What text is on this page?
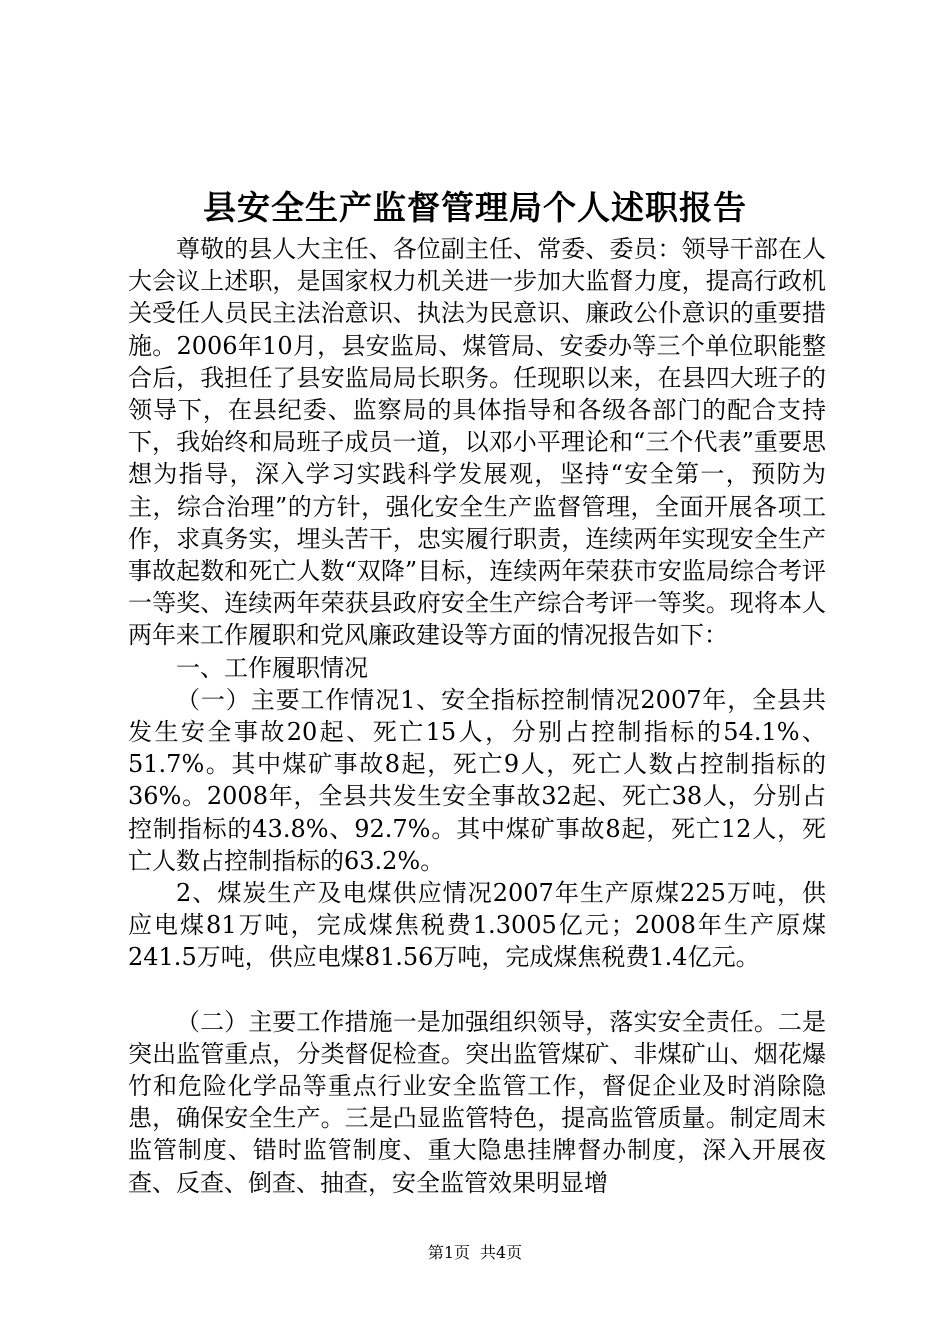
县安全生产监督管理局个人述职报告

尊敬的县人大主任、各位副主任、常委、委员：领导干部在人大会议上述职，是国家权力机关进一步加大监督力度，提高行政机关受任人员民主法治意识、执法为民意识、廉政公仆意识的重要措施。2006年10月，县安监局、煤管局、安委办等三个单位职能整合后，我担任了县安监局局长职务。任现职以来，在县四大班子的领导下，在县纪委、监察局的具体指导和各级各部门的配合支持下，我始终和局班子成员一道，以邓小平理论和“三个代表”重要思想为指导，深入学习实践科学发展观，坚持“安全第一，预防为主，综合治理”的方针，强化安全生产监督管理，全面开展各项工作，求真务实，埋头苦干，忠实履行职责，连续两年实现安全生产事故起数和死亡人数“双降”目标，连续两年荣获市安监局综合考评一等奖、连续两年荣获县政府安全生产综合考评一等奖。现将本人两年来工作履职和党风廉政建设等方面的情况报告如下：

一、工作履职情况

（一）主要工作情况1、安全指标控制情况2007年，全县共发生安全事故20起、死亡15人，分别占控制指标的54.1%、51.7%。其中煤矿事故8起，死亡9人，死亡人数占控制指标的36%。2008年，全县共发生安全事故32起、死亡38人，分别占控制指标的43.8%、92.7%。其中煤矿事故8起，死亡12人，死亡人数占控制指标的63.2%。

2、煤炭生产及电煤供应情况2007年生产原煤225万吨，供应电煤81万吨，完成煤焦税费1.3005亿元；2008年生产原煤241.5万吨，供应电煤81.56万吨，完成煤焦税费1.4亿元。

（二）主要工作措施一是加强组织领导，落实安全责任。二是突出监管重点，分类督促检查。突出监管煤矿、非煤矿山、烟花爆竹和危险化学品等重点行业安全监管工作，督促企业及时消除隐患，确保安全生产。三是凸显监管特色，提高监管质量。制定周末监管制度、错时监管制度、重大隐患挂牌督办制度，深入开展夜查、反查、倒查、抽查，安全监管效果明显增

第1页 共4页
